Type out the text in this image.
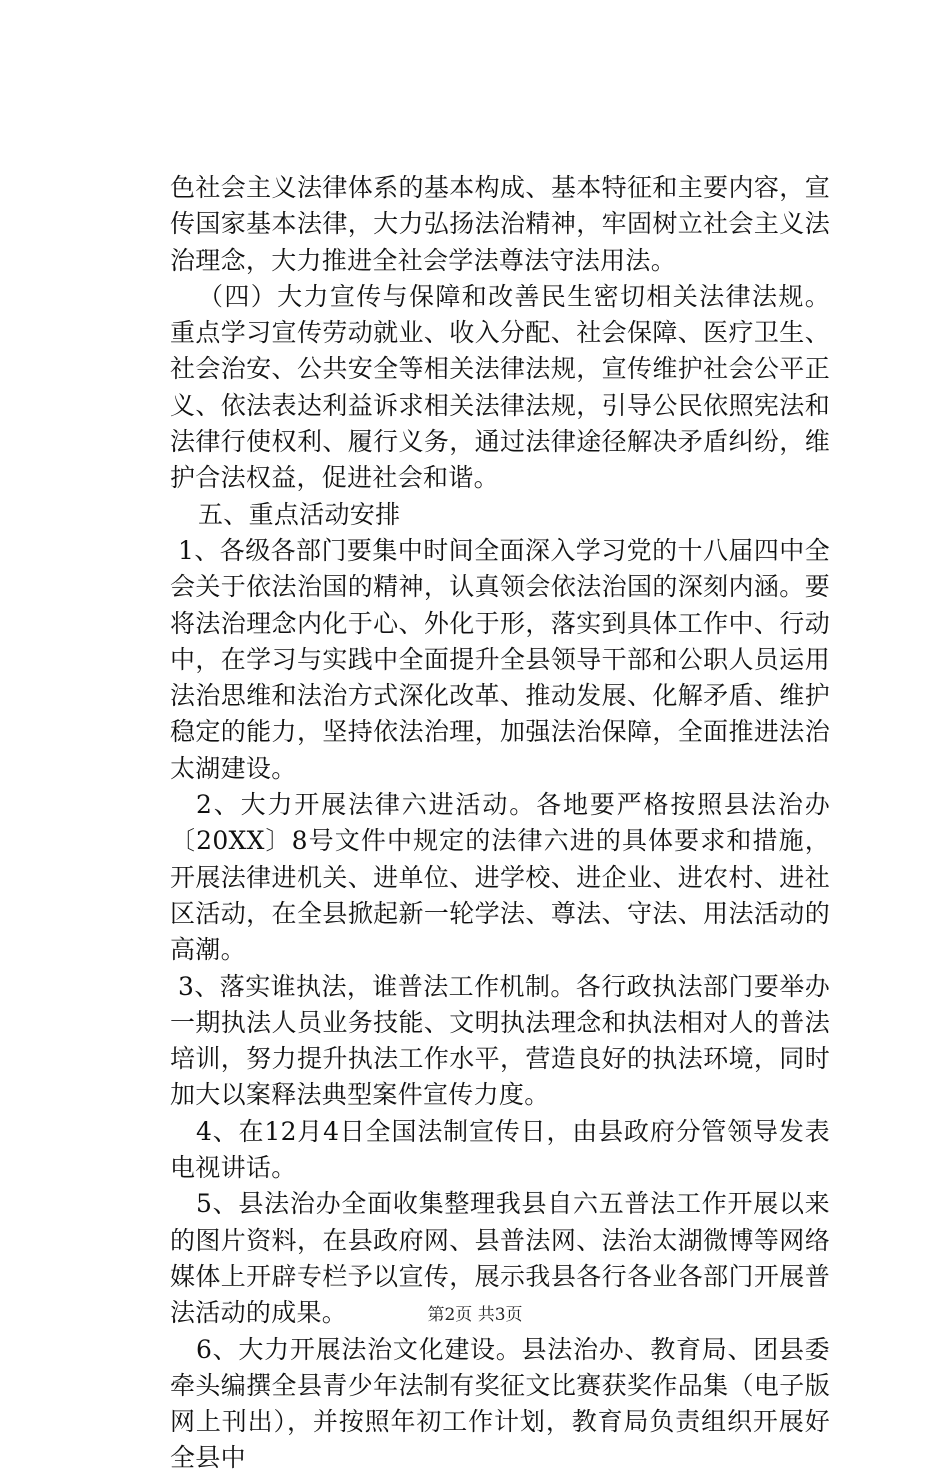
色社会主义法律体系的基本构成、基本特征和主要内容，宣传国家基本法律，大力弘扬法治精神，牢固树立社会主义法治理念，大力推进全社会学法尊法守法用法。

（四）大力宣传与保障和改善民生密切相关法律法规。重点学习宣传劳动就业、收入分配、社会保障、医疗卫生、社会治安、公共安全等相关法律法规，宣传维护社会公平正义、依法表达利益诉求相关法律法规，引导公民依照宪法和法律行使权利、履行义务，通过法律途径解决矛盾纠纷，维护合法权益，促进社会和谐。

五、重点活动安排

1、各级各部门要集中时间全面深入学习党的十八届四中全会关于依法治国的精神，认真领会依法治国的深刻内涵。要将法治理念内化于心、外化于形，落实到具体工作中、行动中，在学习与实践中全面提升全县领导干部和公职人员运用法治思维和法治方式深化改革、推动发展、化解矛盾、维护稳定的能力，坚持依法治理，加强法治保障，全面推进法治太湖建设。

2、大力开展法律六进活动。各地要严格按照县法治办〔20XX〕8号文件中规定的法律六进的具体要求和措施，开展法律进机关、进单位、进学校、进企业、进农村、进社区活动，在全县掀起新一轮学法、尊法、守法、用法活动的高潮。

3、落实谁执法，谁普法工作机制。各行政执法部门要举办一期执法人员业务技能、文明执法理念和执法相对人的普法培训，努力提升执法工作水平，营造良好的执法环境，同时加大以案释法典型案件宣传力度。

4、在12月4日全国法制宣传日，由县政府分管领导发表电视讲话。

5、县法治办全面收集整理我县自六五普法工作开展以来的图片资料，在县政府网、县普法网、法治太湖微博等网络媒体上开辟专栏予以宣传，展示我县各行各业各部门开展普法活动的成果。

6、大力开展法治文化建设。县法治办、教育局、团县委牵头编撰全县青少年法制有奖征文比赛获奖作品集（电子版网上刊出），并按照年初工作计划，教育局负责组织开展好全县中

第2页 共3页
